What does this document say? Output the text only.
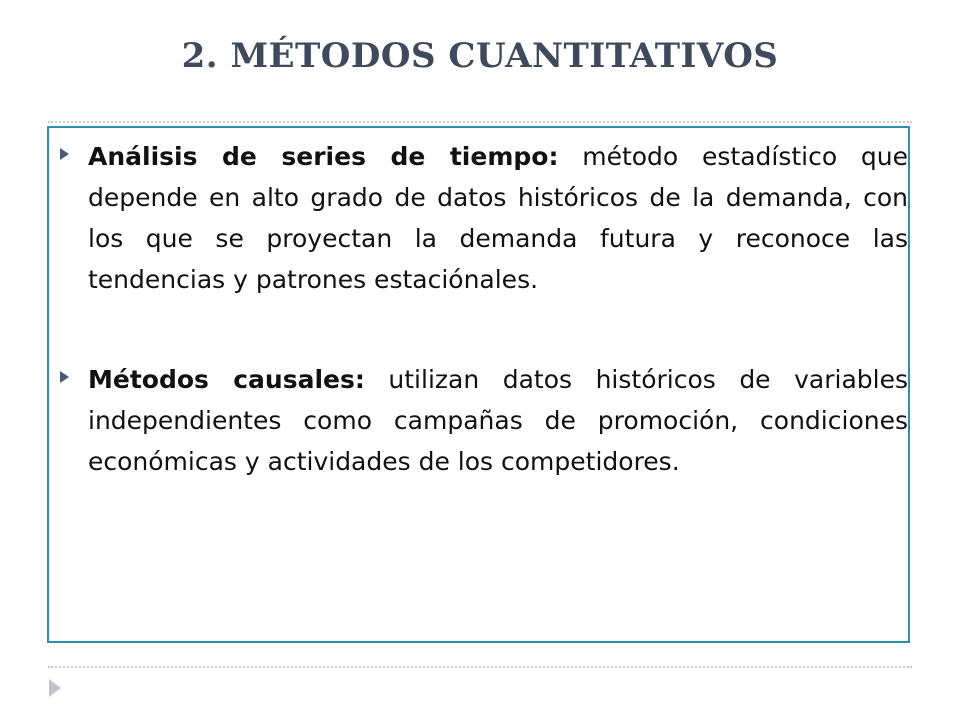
2. MÉTODOS CUANTITATIVOS
Análisis de series de tiempo: método estadístico que depende en alto grado de datos históricos de la demanda, con los que se proyectan la demanda futura y reconoce las tendencias y patrones estaciónales.
Métodos causales: utilizan datos históricos de variables independientes como campañas de promoción, condiciones económicas y actividades de los competidores.
